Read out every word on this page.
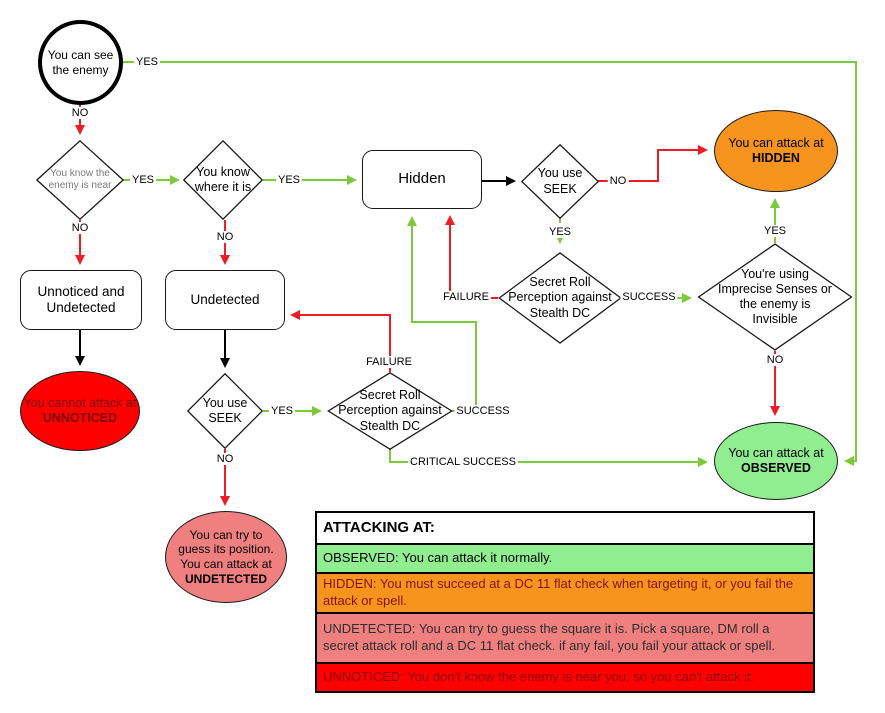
You can see the enemy
You know the enemy is near
You know where it is	Hidden	You use SEEK
Secret Roll Perception against Stealth DC
You can attack at
HIDDEN
You're using Imprecise Senses or the enemy is Invisible
Unnoticed and Undetected
Undetected
You cannot attack at
UNNOTICED
You use SEEK
Secret Roll Perception against Stealth DC
You can try to guess its position. You can attack at
UNDETECTED
You can attack at
OBSERVED
YES
NO
YES
NO
YES
NO
NO
YES
FAILURE	SUCCESS
YES
NO
YES
NO
FAILURE
SUCCESS
CRITICAL SUCCESS
ATTACKING AT:
OBSERVED: You can attack it normally.
HIDDEN: You must succeed at a DC 11 flat check when targeting it, or you fail the attack or spell.
UNDETECTED: You can try to guess the square it is. Pick a square, DM roll a secret attack roll and a DC 11 flat check. if any fail, you fail your attack or spell.
UNNOTICED: You don't know the enemy is near you, so you can't attack it.
